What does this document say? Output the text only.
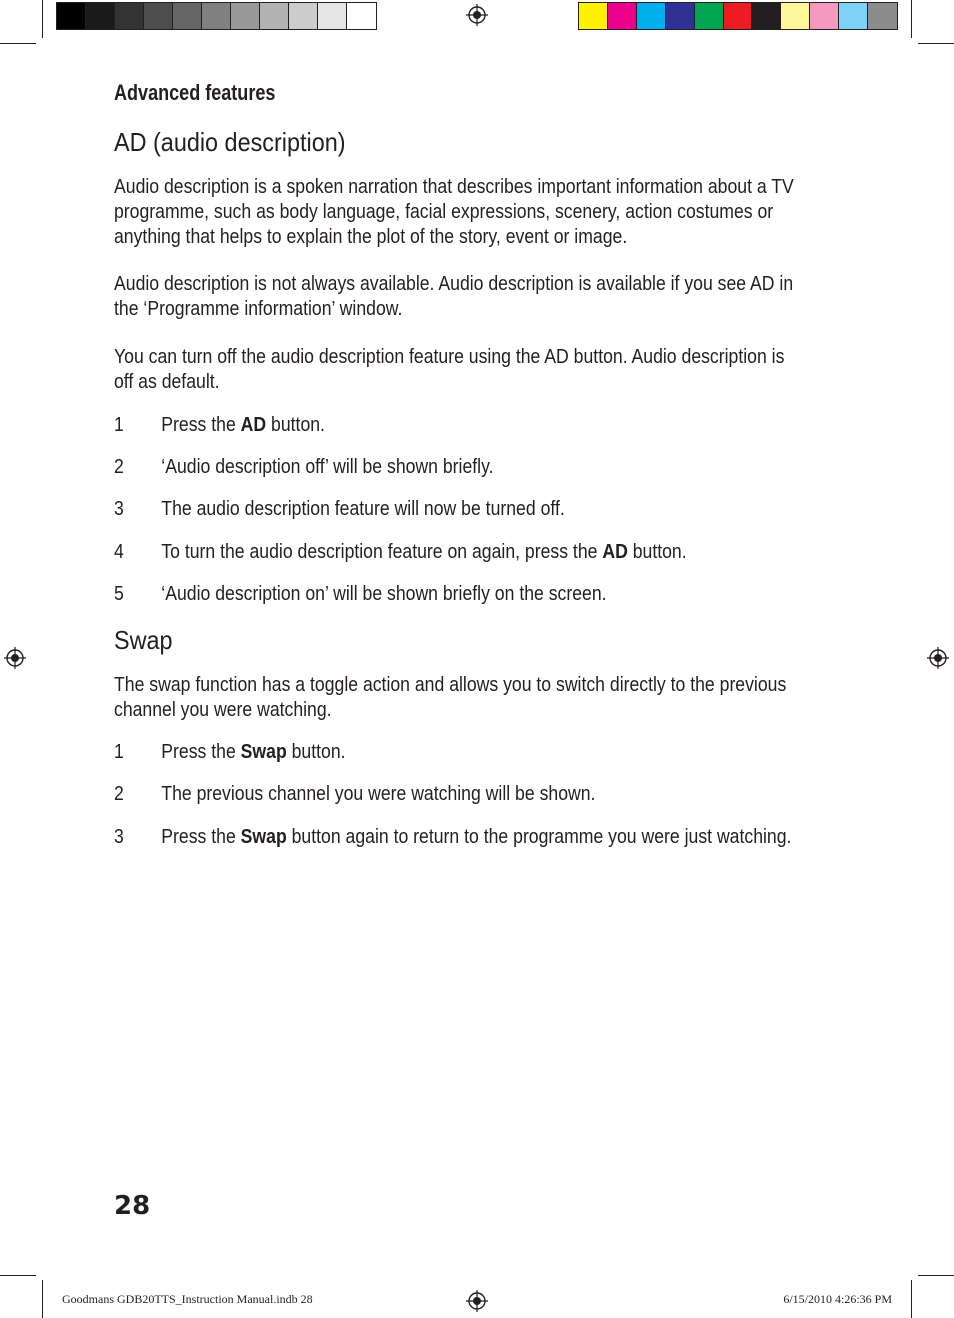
Advanced features
AD (audio description)
Audio description is a spoken narration that describes important information about a TV programme, such as body language, facial expressions, scenery, action costumes or anything that helps to explain the plot of the story, event or image.
Audio description is not always available. Audio description is available if you see AD in the ‘Programme information’ window.
You can turn off the audio description feature using the AD button. Audio description is off as default.
1 Press the AD button.
2 ‘Audio description off’ will be shown briefly.
3 The audio description feature will now be turned off.
4 To turn the audio description feature on again, press the AD button.
5 ‘Audio description on’ will be shown briefly on the screen.
Swap
The swap function has a toggle action and allows you to switch directly to the previous channel you were watching.
1 Press the Swap button.
2 The previous channel you were watching will be shown.
3 Press the Swap button again to return to the programme you were just watching.
28
Goodmans GDB20TTS_Instruction Manual.indb 28	6/15/2010 4:26:36 PM
